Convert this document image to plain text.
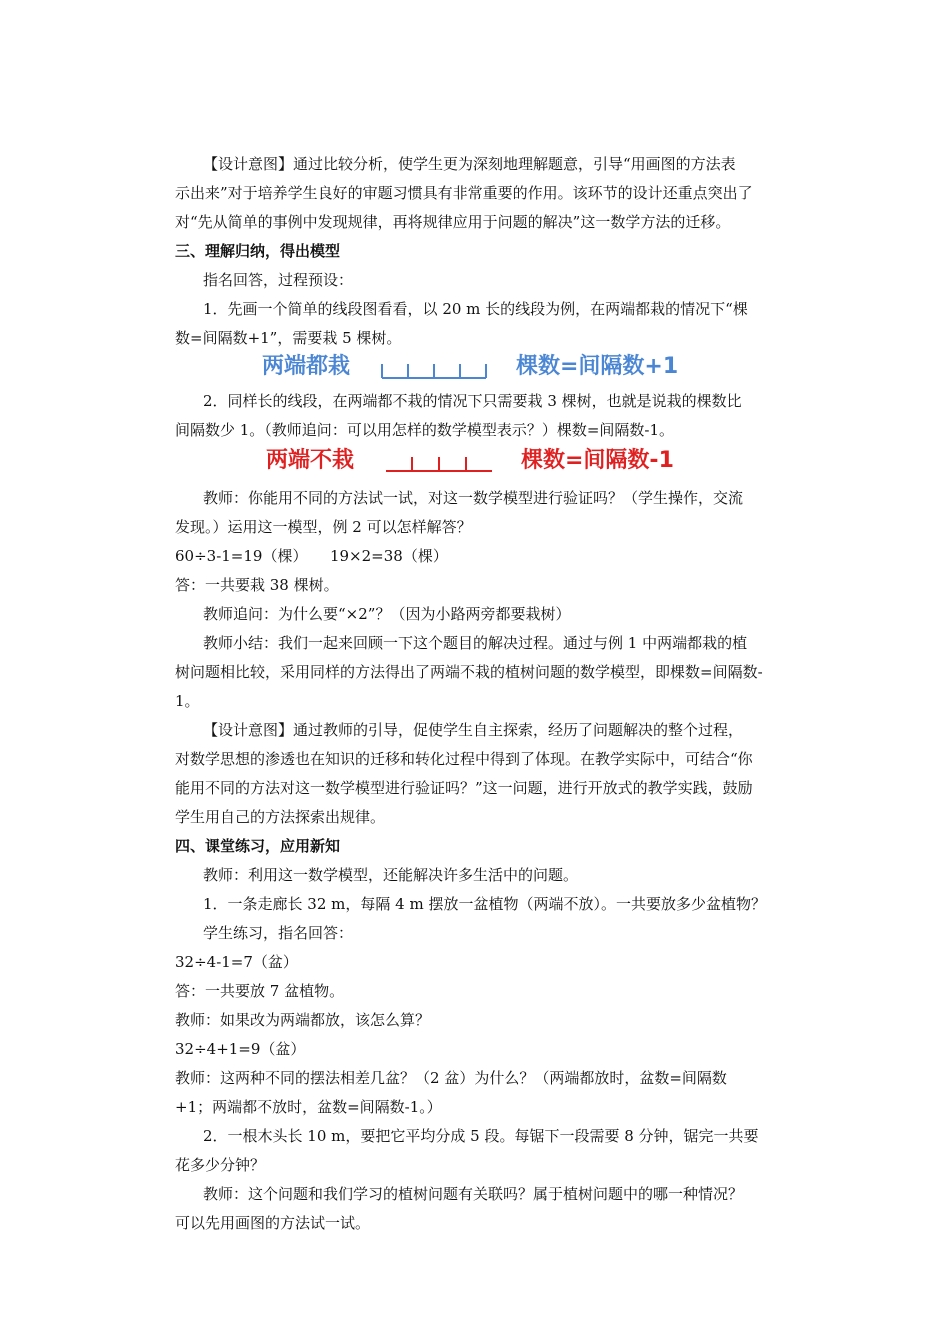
【设计意图】通过比较分析，使学生更为深刻地理解题意，引导“用画图的方法表
示出来”对于培养学生良好的审题习惯具有非常重要的作用。该环节的设计还重点突出了
对“先从简单的事例中发现规律，再将规律应用于问题的解决”这一数学方法的迁移。
三、理解归纳，得出模型
指名回答，过程预设：
1．先画一个简单的线段图看看，以 20 m 长的线段为例，在两端都栽的情况下“棵
数=间隔数+1”，需要栽 5 棵树。
两端都栽	棵数=间隔数+1
2．同样长的线段，在两端都不栽的情况下只需要栽 3 棵树，也就是说栽的棵数比
间隔数少 1。（教师追问：可以用怎样的数学模型表示？）棵数=间隔数-1。
两端不栽	棵数=间隔数-1
教师：你能用不同的方法试一试，对这一数学模型进行验证吗？（学生操作，交流
发现。）运用这一模型，例 2 可以怎样解答？
60÷3-1=19（棵）　　19×2=38（棵）
答：一共要栽 38 棵树。
教师追问：为什么要“×2”？（因为小路两旁都要栽树）
教师小结：我们一起来回顾一下这个题目的解决过程。通过与例 1 中两端都栽的植
树问题相比较，采用同样的方法得出了两端不栽的植树问题的数学模型，即棵数=间隔数-
1。
【设计意图】通过教师的引导，促使学生自主探索，经历了问题解决的整个过程，
对数学思想的渗透也在知识的迁移和转化过程中得到了体现。在教学实际中，可结合“你
能用不同的方法对这一数学模型进行验证吗？”这一问题，进行开放式的教学实践，鼓励
学生用自己的方法探索出规律。
四、课堂练习，应用新知
教师：利用这一数学模型，还能解决许多生活中的问题。
1．一条走廊长 32 m，每隔 4 m 摆放一盆植物（两端不放）。一共要放多少盆植物？
学生练习，指名回答：
32÷4-1=7（盆）
答：一共要放 7 盆植物。
教师：如果改为两端都放，该怎么算？
32÷4+1=9（盆）
教师：这两种不同的摆法相差几盆？（2 盆）为什么？（两端都放时，盆数=间隔数
+1；两端都不放时，盆数=间隔数-1。）
2．一根木头长 10 m，要把它平均分成 5 段。每锯下一段需要 8 分钟，锯完一共要
花多少分钟？
教师：这个问题和我们学习的植树问题有关联吗？属于植树问题中的哪一种情况？
可以先用画图的方法试一试。
